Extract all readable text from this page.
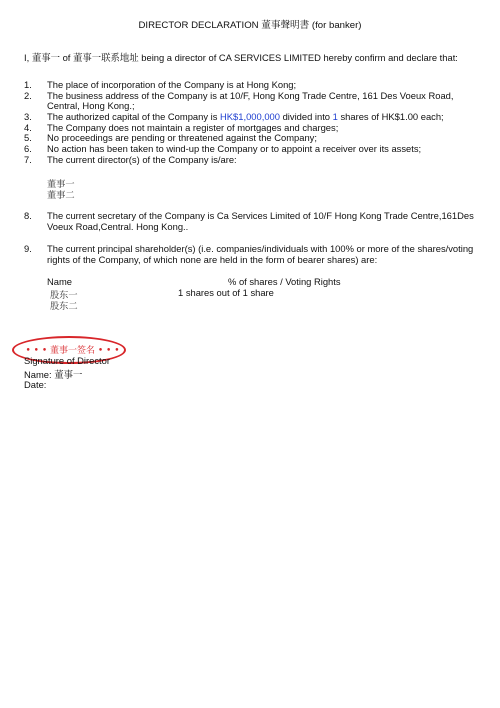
DIRECTOR DECLARATION 董事聲明書 (for banker)
I, 董事一 of 董事一联系地址 being a director of CA SERVICES LIMITED hereby confirm and declare that:
1. The place of incorporation of the Company is at Hong Kong;
2. The business address of the Company is at 10/F, Hong Kong Trade Centre, 161 Des Voeux Road,
Central, Hong Kong.;
3. The authorized capital of the Company is HK$1,000,000 divided into 1 shares of HK$1.00 each;
4. The Company does not maintain a register of mortgages and charges;
5. No proceedings are pending or threatened against the Company;
6. No action has been taken to wind-up the Company or to appoint a receiver over its assets;
7. The current director(s) of the Company is/are:
董事一
董事二
8. The current secretary of the Company is Ca Services Limited of 10/F Hong Kong Trade Centre,161Des
Voeux Road,Central. Hong Kong..
9. The current principal shareholder(s) (i.e. companies/individuals with 100% or more of the shares/voting
rights of the Company, of which none are held in the form of bearer shares) are:
Name	% of shares / Voting Rights
股东一	1 shares out of 1 share
股东二
• • • 董事一签名 • • •
Signature of Director
Name: 董事一
Date:
